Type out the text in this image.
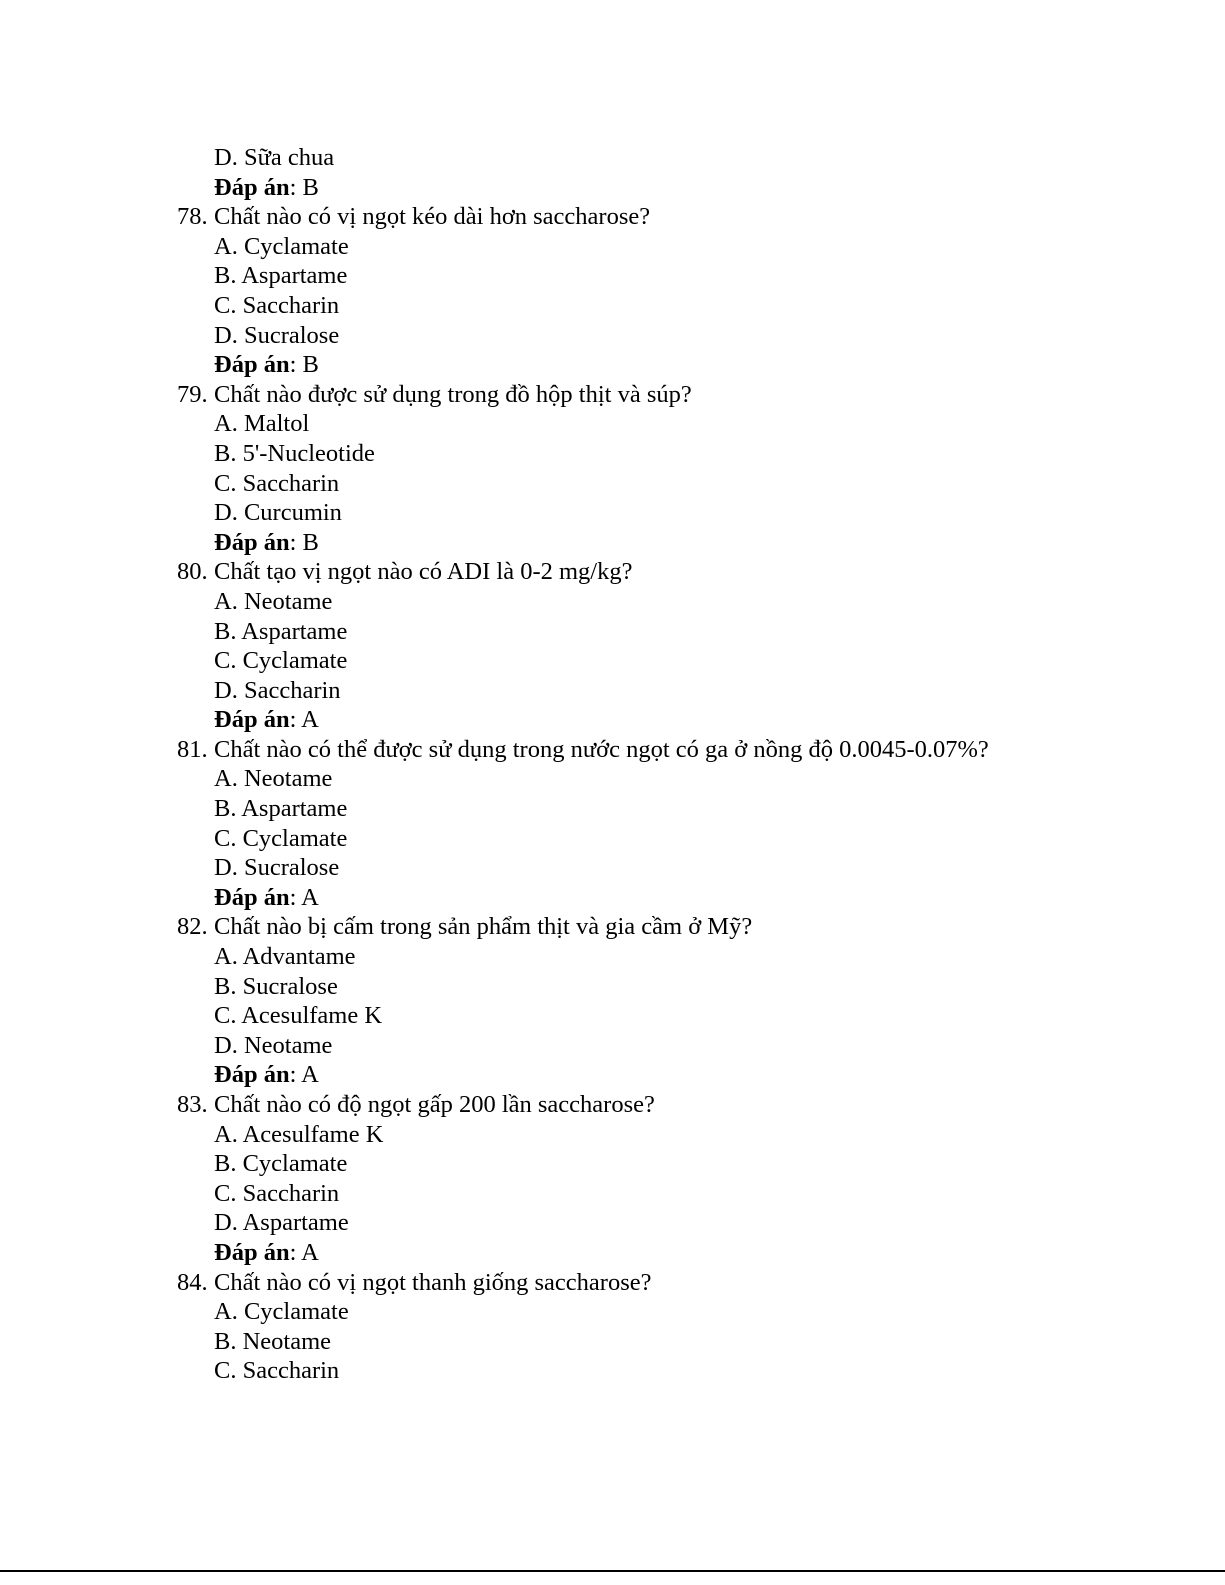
D. Sữa chua
Đáp án: B
78. Chất nào có vị ngọt kéo dài hơn saccharose?
A. Cyclamate
B. Aspartame
C. Saccharin
D. Sucralose
Đáp án: B
79. Chất nào được sử dụng trong đồ hộp thịt và súp?
A. Maltol
B. 5'-Nucleotide
C. Saccharin
D. Curcumin
Đáp án: B
80. Chất tạo vị ngọt nào có ADI là 0-2 mg/kg?
A. Neotame
B. Aspartame
C. Cyclamate
D. Saccharin
Đáp án: A
81. Chất nào có thể được sử dụng trong nước ngọt có ga ở nồng độ 0.0045-0.07%?
A. Neotame
B. Aspartame
C. Cyclamate
D. Sucralose
Đáp án: A
82. Chất nào bị cấm trong sản phẩm thịt và gia cầm ở Mỹ?
A. Advantame
B. Sucralose
C. Acesulfame K
D. Neotame
Đáp án: A
83. Chất nào có độ ngọt gấp 200 lần saccharose?
A. Acesulfame K
B. Cyclamate
C. Saccharin
D. Aspartame
Đáp án: A
84. Chất nào có vị ngọt thanh giống saccharose?
A. Cyclamate
B. Neotame
C. Saccharin
